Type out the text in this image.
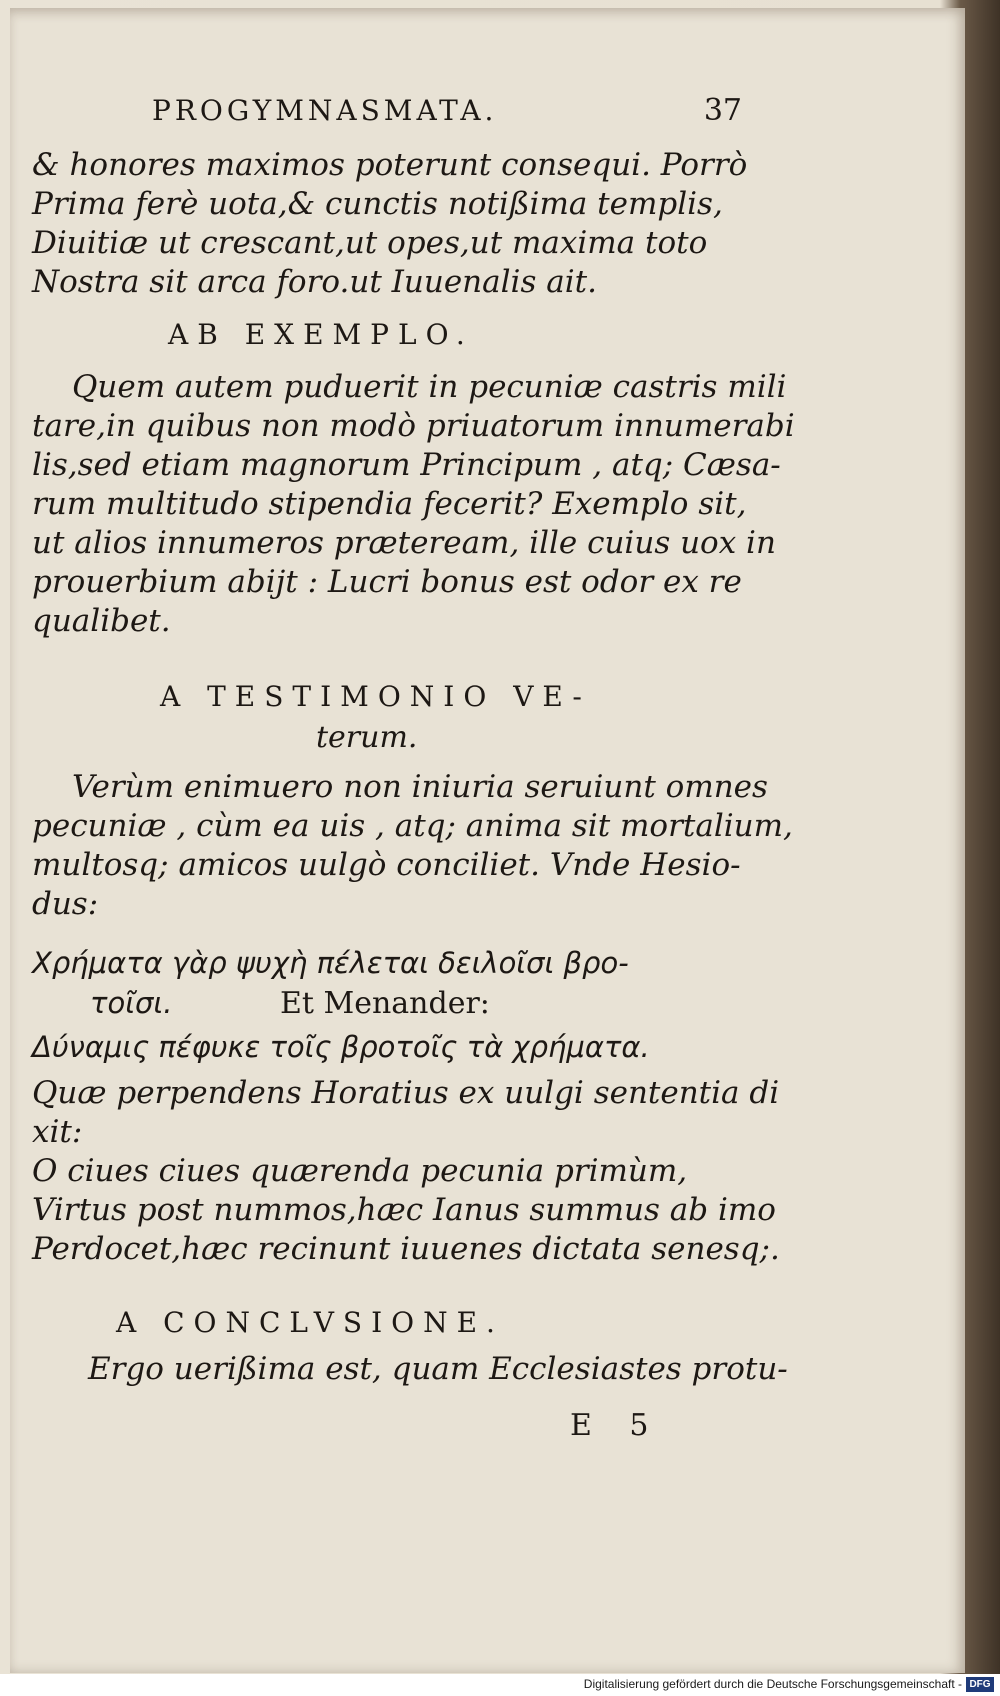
PROGYMNASMATA.	37
& honores maximos poterunt consequi. Porrò
Prima ferè uota,& cunctis notißima templis,
Diuitiæ ut crescant,ut opes,ut maxima toto
Nostra sit arca foro.ut Iuuenalis ait.
AB EXEMPLO.
Quem autem puduerit in pecuniæ castris mili
tare,in quibus non modò priuatorum innumerabi
lis,sed etiam magnorum Principum , atq; Cæsa-
rum multitudo stipendia fecerit? Exemplo sit,
ut alios innumeros præteream, ille cuius uox in
prouerbium abijt : Lucri bonus est odor ex re
qualibet.
A TESTIMONIO VE-
terum.
Verùm enimuero non iniuria seruiunt omnes
pecuniæ , cùm ea uis , atq; anima sit mortalium,
multosq; amicos uulgò conciliet. Vnde Hesio-
dus:
Χρήματα γὰρ ψυχὴ πέλεται δειλοῖσι βρο-
τοῖσι.	Et Menander:
Δύναμις πέφυκε τοῖς βροτοῖς τὰ χρήματα.
Quæ perpendens Horatius ex uulgi sententia di
xit:
O ciues ciues quærenda pecunia primùm,
Virtus post nummos,hæc Ianus summus ab imo
Perdocet,hæc recinunt iuuenes dictata senesq;.
A CONCLVSIONE.
Ergo uerißima est, quam Ecclesiastes protu-
E 5
Digitalisierung gefördert durch die Deutsche Forschungsgemeinschaft - DFG
